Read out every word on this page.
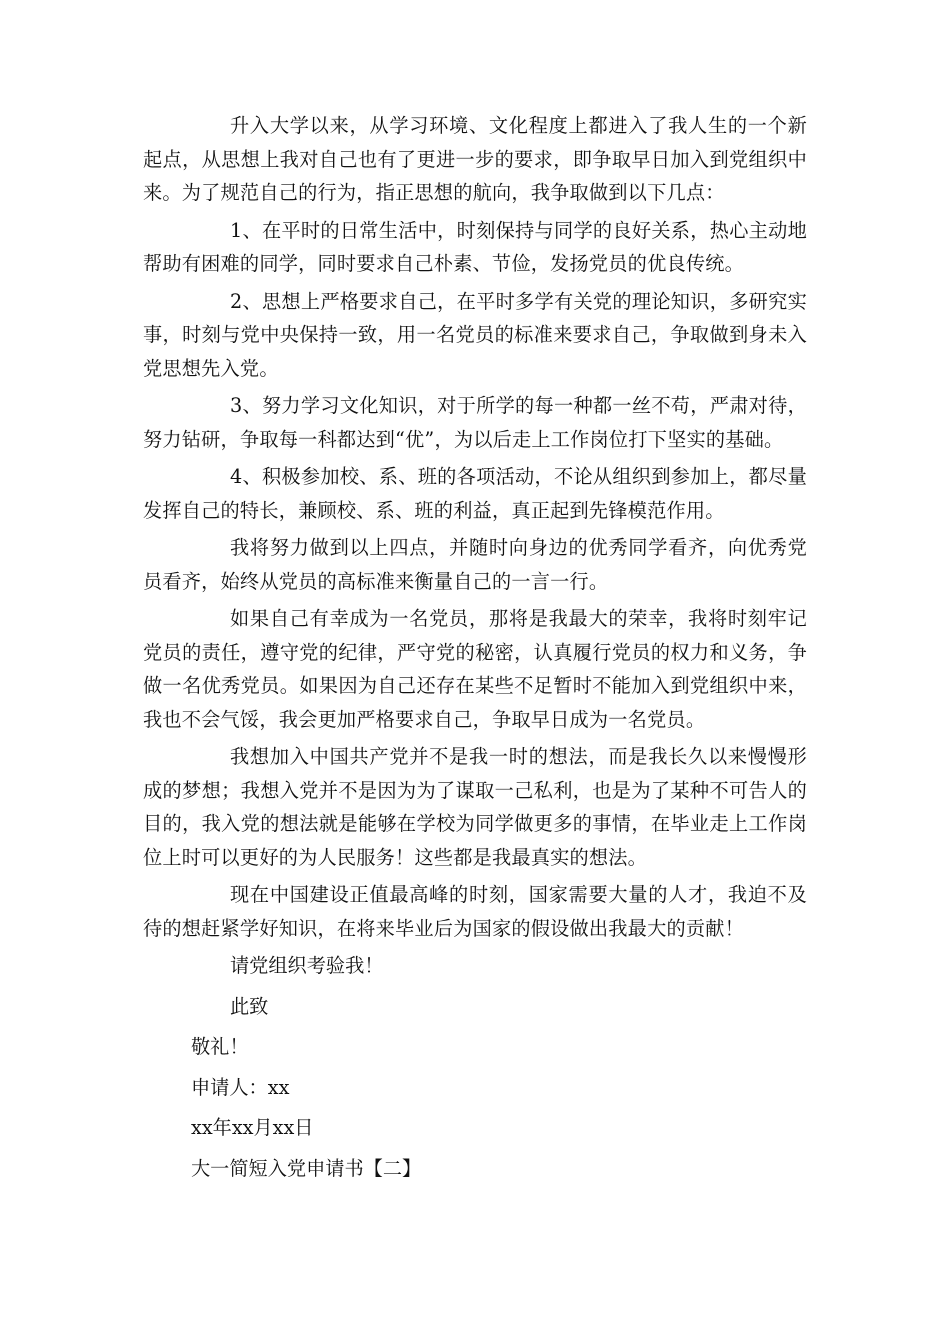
升入大学以来，从学习环境、文化程度上都进入了我人生的一个新起点，从思想上我对自己也有了更进一步的要求，即争取早日加入到党组织中来。为了规范自己的行为，指正思想的航向，我争取做到以下几点：

1、在平时的日常生活中，时刻保持与同学的良好关系，热心主动地帮助有困难的同学，同时要求自己朴素、节俭，发扬党员的优良传统。

2、思想上严格要求自己，在平时多学有关党的理论知识，多研究实事，时刻与党中央保持一致，用一名党员的标准来要求自己，争取做到身未入党思想先入党。

3、努力学习文化知识，对于所学的每一种都一丝不苟，严肃对待，努力钻研，争取每一科都达到“优”，为以后走上工作岗位打下坚实的基础。

4、积极参加校、系、班的各项活动，不论从组织到参加上，都尽量发挥自己的特长，兼顾校、系、班的利益，真正起到先锋模范作用。

我将努力做到以上四点，并随时向身边的优秀同学看齐，向优秀党员看齐，始终从党员的高标准来衡量自己的一言一行。

如果自己有幸成为一名党员，那将是我最大的荣幸，我将时刻牢记党员的责任，遵守党的纪律，严守党的秘密，认真履行党员的权力和义务，争做一名优秀党员。如果因为自己还存在某些不足暂时不能加入到党组织中来，我也不会气馁，我会更加严格要求自己，争取早日成为一名党员。

我想加入中国共产党并不是我一时的想法，而是我长久以来慢慢形成的梦想；我想入党并不是因为为了谋取一己私利，也是为了某种不可告人的目的，我入党的想法就是能够在学校为同学做更多的事情，在毕业走上工作岗位上时可以更好的为人民服务！这些都是我最真实的想法。

现在中国建设正值最高峰的时刻，国家需要大量的人才，我迫不及待的想赶紧学好知识，在将来毕业后为国家的假设做出我最大的贡献！

请党组织考验我！
此致
敬礼！
申请人：xx
xx年xx月xx日
大一简短入党申请书【二】
